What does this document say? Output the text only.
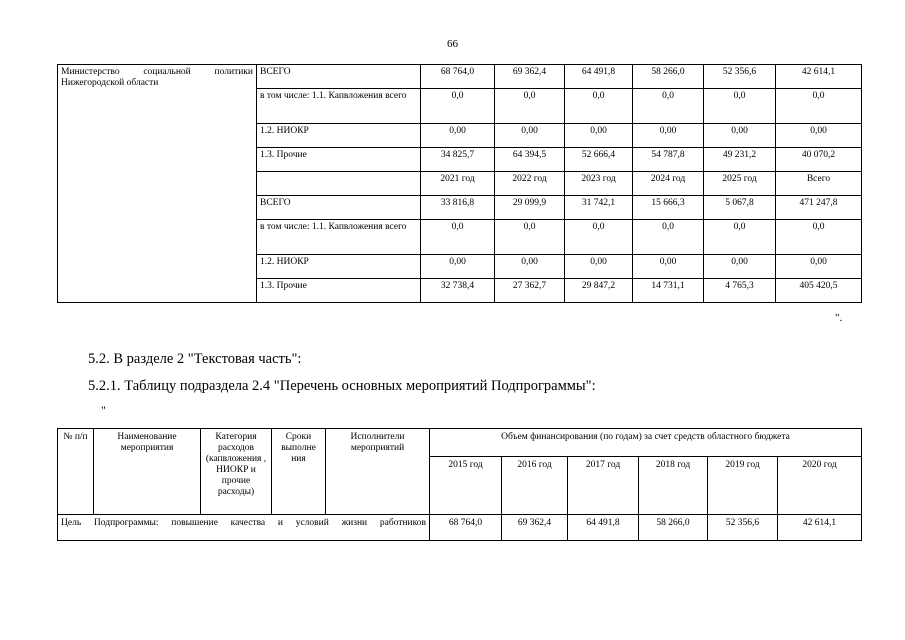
66
Министерство социальной политики Нижегородской области	ВСЕГО	68 764,0	69 362,4	64 491,8	58 266,0	52 356,6	42 614,1
	в том числе: 1.1. Капвложения всего	0,0	0,0	0,0	0,0	0,0	0,0
	1.2. НИОКР	0,00	0,00	0,00	0,00	0,00	0,00
	1.3. Прочие	34 825,7	64 394,5	52 666,4	54 787,8	49 231,2	40 070,2
		2021 год	2022 год	2023 год	2024 год	2025 год	Всего
	ВСЕГО	33 816,8	29 099,9	31 742,1	15 666,3	5 067,8	471 247,8
	в том числе: 1.1. Капвложения всего	0,0	0,0	0,0	0,0	0,0	0,0
	1.2. НИОКР	0,00	0,00	0,00	0,00	0,00	0,00
	1.3. Прочие	32 738,4	27 362,7	29 847,2	14 731,1	4 765,3	405 420,5
".
5.2. В разделе 2 "Текстовая часть":
5.2.1. Таблицу подраздела 2.4 "Перечень основных мероприятий Подпрограммы":
"
№ п/п	Наименование мероприятия	Категория расходов (капвложения , НИОКР и прочие расходы)	Сроки выполне ния	Исполнители мероприятий	Объем финансирования (по годам) за счет средств областного бюджета					
					2015 год	2016 год	2017 год	2018 год	2019 год	2020 год
Цель Подпрограммы: повышение качества и условий жизни работников					68 764,0	69 362,4	64 491,8	58 266,0	52 356,6	42 614,1
